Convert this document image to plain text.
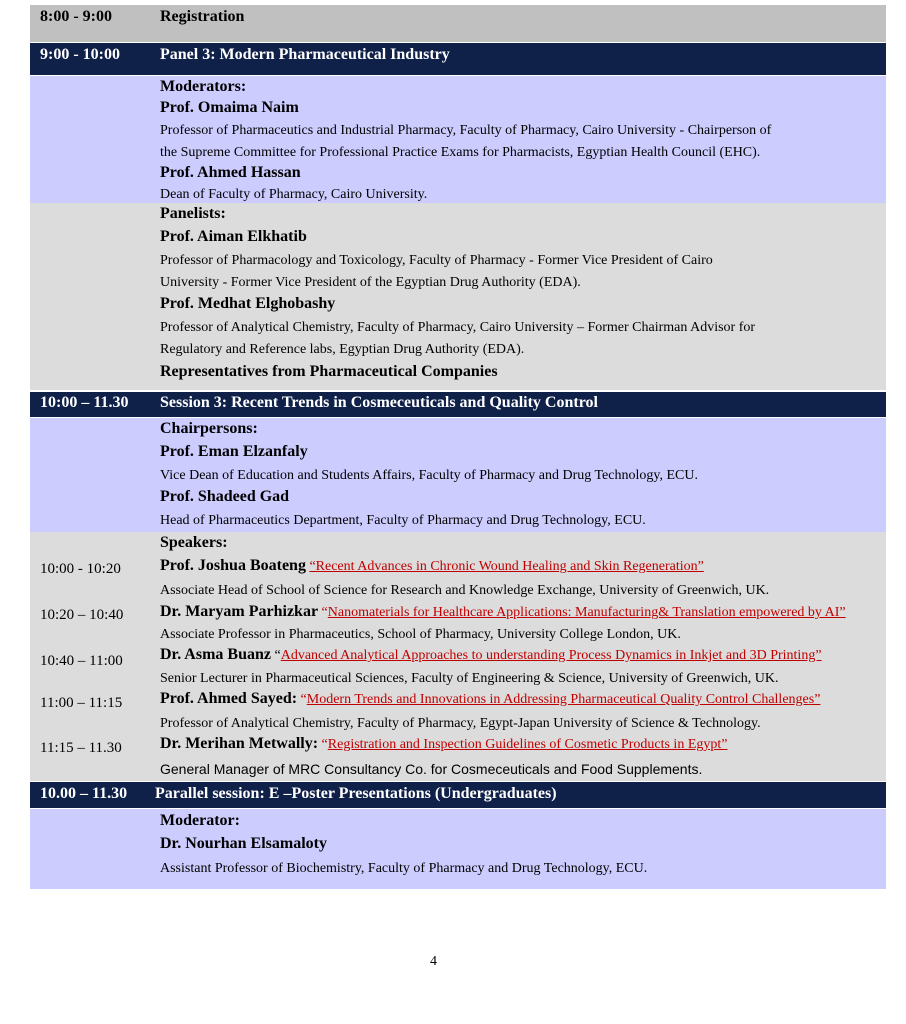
8:00 - 9:00	Registration
9:00 - 10:00	Panel 3: Modern Pharmaceutical Industry
Moderators:
Prof. Omaima Naim
Professor of Pharmaceutics and Industrial Pharmacy, Faculty of Pharmacy, Cairo University - Chairperson of
the Supreme Committee for Professional Practice Exams for Pharmacists, Egyptian Health Council (EHC).
Prof. Ahmed Hassan
Dean of Faculty of Pharmacy, Cairo University.
Panelists:
Prof. Aiman Elkhatib
Professor of Pharmacology and Toxicology, Faculty of Pharmacy - Former Vice President of Cairo
University - Former Vice President of the Egyptian Drug Authority (EDA).
Prof. Medhat Elghobashy
Professor of Analytical Chemistry, Faculty of Pharmacy, Cairo University – Former Chairman Advisor for
Regulatory and Reference labs, Egyptian Drug Authority (EDA).
Representatives from Pharmaceutical Companies
10:00 – 11.30 Session 3: Recent Trends in Cosmeceuticals and Quality Control
Chairpersons:
Prof. Eman Elzanfaly
Vice Dean of Education and Students Affairs, Faculty of Pharmacy and Drug Technology, ECU.
Prof. Shadeed Gad
Head of Pharmaceutics Department, Faculty of Pharmacy and Drug Technology, ECU.
Speakers:
10:00 - 10:20 Prof. Joshua Boateng “Recent Advances in Chronic Wound Healing and Skin Regeneration”
Associate Head of School of Science for Research and Knowledge Exchange, University of Greenwich, UK.
10:20 – 10:40 Dr. Maryam Parhizkar “Nanomaterials for Healthcare Applications: Manufacturing& Translation empowered by AI”
Associate Professor in Pharmaceutics, School of Pharmacy, University College London, UK.
10:40 – 11:00 Dr. Asma Buanz “Advanced Analytical Approaches to understanding Process Dynamics in Inkjet and 3D Printing”
Senior Lecturer in Pharmaceutical Sciences, Faculty of Engineering & Science, University of Greenwich, UK.
11:00 – 11:15 Prof. Ahmed Sayed: “Modern Trends and Innovations in Addressing Pharmaceutical Quality Control Challenges”
Professor of Analytical Chemistry, Faculty of Pharmacy, Egypt-Japan University of Science & Technology.
11:15 – 11.30 Dr. Merihan Metwally: “Registration and Inspection Guidelines of Cosmetic Products in Egypt”
General Manager of MRC Consultancy Co. for Cosmeceuticals and Food Supplements.
10.00 – 11.30 Parallel session: E –Poster Presentations (Undergraduates)
Moderator:
Dr. Nourhan Elsamaloty
Assistant Professor of Biochemistry, Faculty of Pharmacy and Drug Technology, ECU.
4
